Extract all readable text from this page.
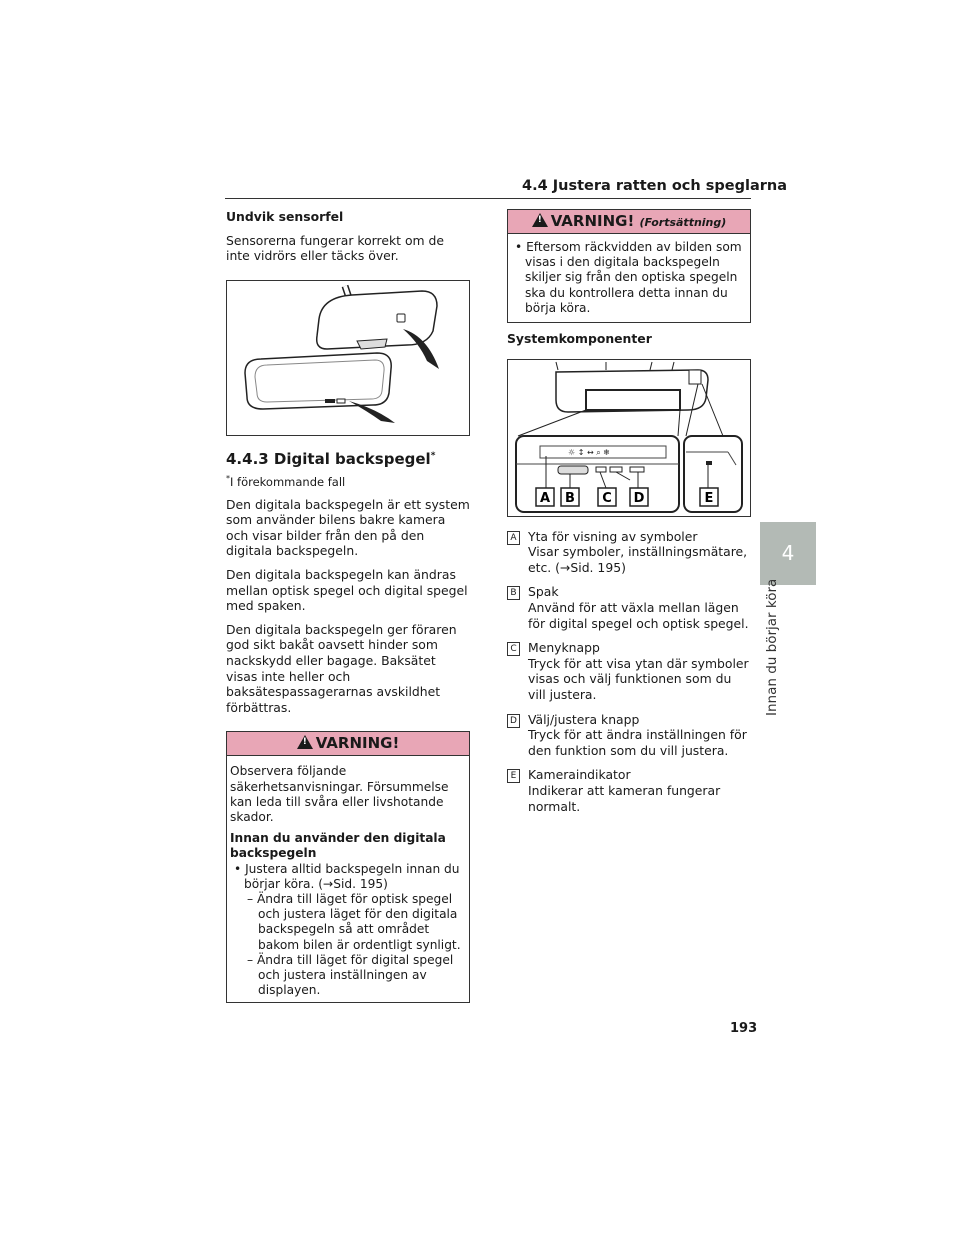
4.4 Justera ratten och speglarna
4
Innan du börjar köra
Undvik sensorfel

Sensorerna fungerar korrekt om de inte vidrörs eller täcks över.

4.4.3 Digital backspegel*
*I förekommande fall

Den digitala backspegeln är ett system som använder bilens bakre kamera och visar bilder från den på den digitala backspegeln.

Den digitala backspegeln kan ändras mellan optisk spegel och digital spegel med spaken.

Den digitala backspegeln ger föraren god sikt bakåt oavsett hinder som nackskydd eller bagage. Baksätet visas inte heller och baksätespassagerarnas avskildhet förbättras.

!VARNING!

Observera följande säkerhetsanvisningar. Försummelse kan leda till svåra eller livshotande skador.

Innan du använder den digitala backspegeln

• Justera alltid backspegeln innan du börjar köra. (→Sid. 195)
– Ändra till läget för optisk spegel och justera läget för den digitala backspegeln så att området bakom bilen är ordentligt synligt.
– Ändra till läget för digital spegel och justera inställningen av displayen.
!VARNING! (Fortsättning)
• Eftersom räckvidden av bilden som visas i den digitala backspegeln skiljer sig från den optiska spegeln ska du kontrollera detta innan du börja köra.
Systemkomponenter
☼ ↕ ↔ ⌕ ❄
A B C D	E
A Yta för visning av symboler
Visar symboler, inställningsmätare, etc. (→Sid. 195)
B Spak
Använd för att växla mellan lägen för digital spegel och optisk spegel.
C Menyknapp
Tryck för att visa ytan där symboler visas och välj funktionen som du vill justera.
D Välj/justera knapp
Tryck för att ändra inställningen för den funktion som du vill justera.
E Kameraindikator
Indikerar att kameran fungerar normalt.
193
